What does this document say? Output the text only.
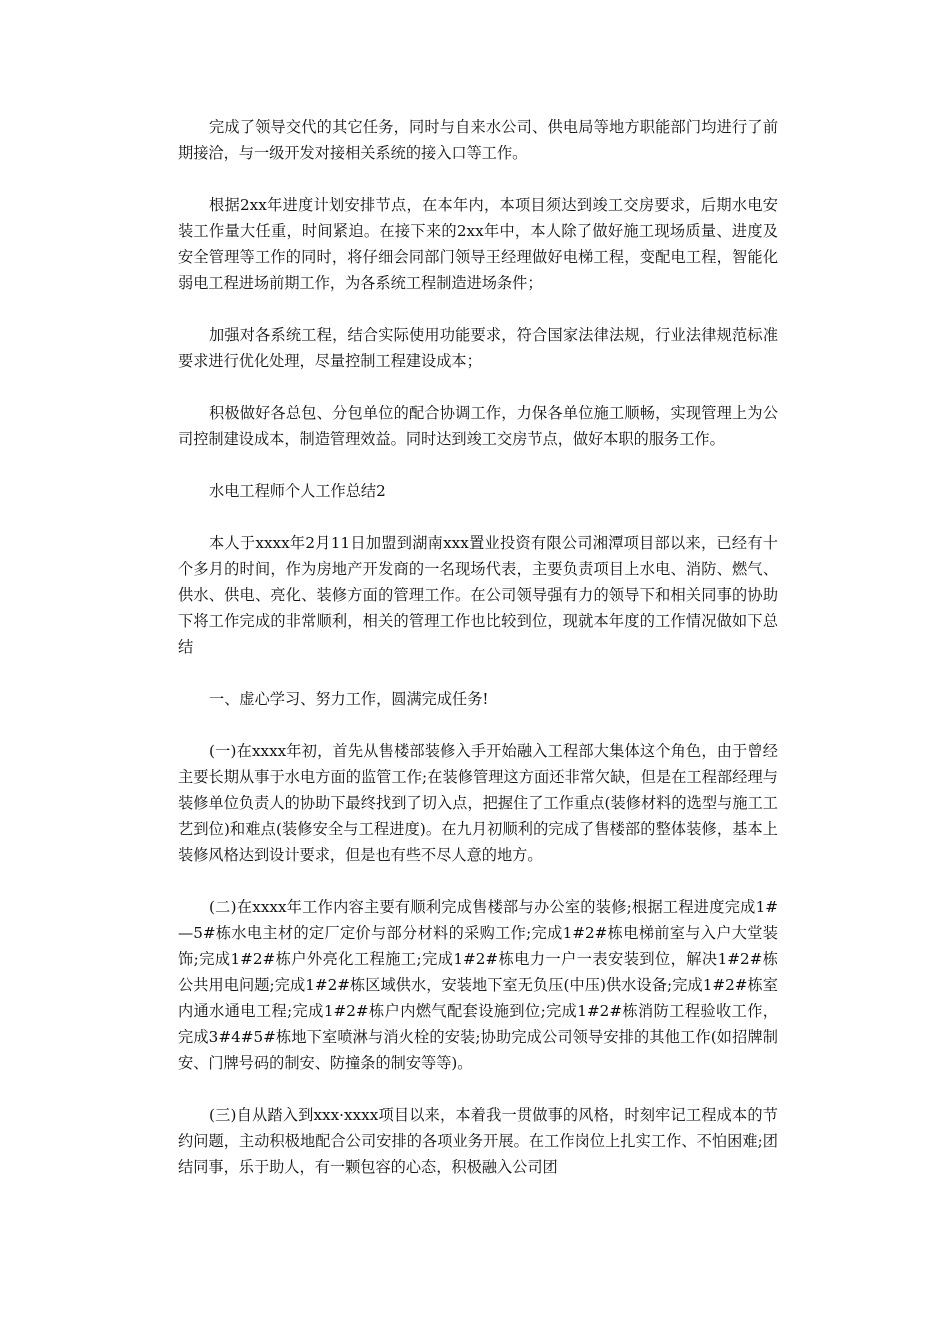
完成了领导交代的其它任务，同时与自来水公司、供电局等地方职能部门均进行了前期接洽，与一级开发对接相关系统的接入口等工作。

根据2xx年进度计划安排节点，在本年内，本项目须达到竣工交房要求，后期水电安装工作量大任重，时间紧迫。在接下来的2xx年中，本人除了做好施工现场质量、进度及安全管理等工作的同时，将仔细会同部门领导王经理做好电梯工程，变配电工程，智能化弱电工程进场前期工作，为各系统工程制造进场条件；

加强对各系统工程，结合实际使用功能要求，符合国家法律法规，行业法律规范标准要求进行优化处理，尽量控制工程建设成本；

积极做好各总包、分包单位的配合协调工作，力保各单位施工顺畅，实现管理上为公司控制建设成本，制造管理效益。同时达到竣工交房节点，做好本职的服务工作。

水电工程师个人工作总结2

本人于xxxx年2月11日加盟到湖南xxx置业投资有限公司湘潭项目部以来，已经有十个多月的时间，作为房地产开发商的一名现场代表，主要负责项目上水电、消防、燃气、供水、供电、亮化、装修方面的管理工作。在公司领导强有力的领导下和相关同事的协助下将工作完成的非常顺利，相关的管理工作也比较到位，现就本年度的工作情况做如下总结

一、虚心学习、努力工作，圆满完成任务!

(一)在xxxx年初，首先从售楼部装修入手开始融入工程部大集体这个角色，由于曾经主要长期从事于水电方面的监管工作;在装修管理这方面还非常欠缺，但是在工程部经理与装修单位负责人的协助下最终找到了切入点，把握住了工作重点(装修材料的选型与施工工艺到位)和难点(装修安全与工程进度)。在九月初顺利的完成了售楼部的整体装修，基本上装修风格达到设计要求，但是也有些不尽人意的地方。

(二)在xxxx年工作内容主要有顺利完成售楼部与办公室的装修;根据工程进度完成1#—5#栋水电主材的定厂定价与部分材料的采购工作;完成1#2#栋电梯前室与入户大堂装饰;完成1#2#栋户外亮化工程施工;完成1#2#栋电力一户一表安装到位，解决1#2#栋公共用电问题;完成1#2#栋区域供水，安装地下室无负压(中压)供水设备;完成1#2#栋室内通水通电工程;完成1#2#栋户内燃气配套设施到位;完成1#2#栋消防工程验收工作，完成3#4#5#栋地下室喷淋与消火栓的安装;协助完成公司领导安排的其他工作(如招牌制安、门牌号码的制安、防撞条的制安等等)。

(三)自从踏入到xxx·xxxx项目以来，本着我一贯做事的风格，时刻牢记工程成本的节约问题，主动积极地配合公司安排的各项业务开展。在工作岗位上扎实工作、不怕困难;团结同事，乐于助人，有一颗包容的心态，积极融入公司团
